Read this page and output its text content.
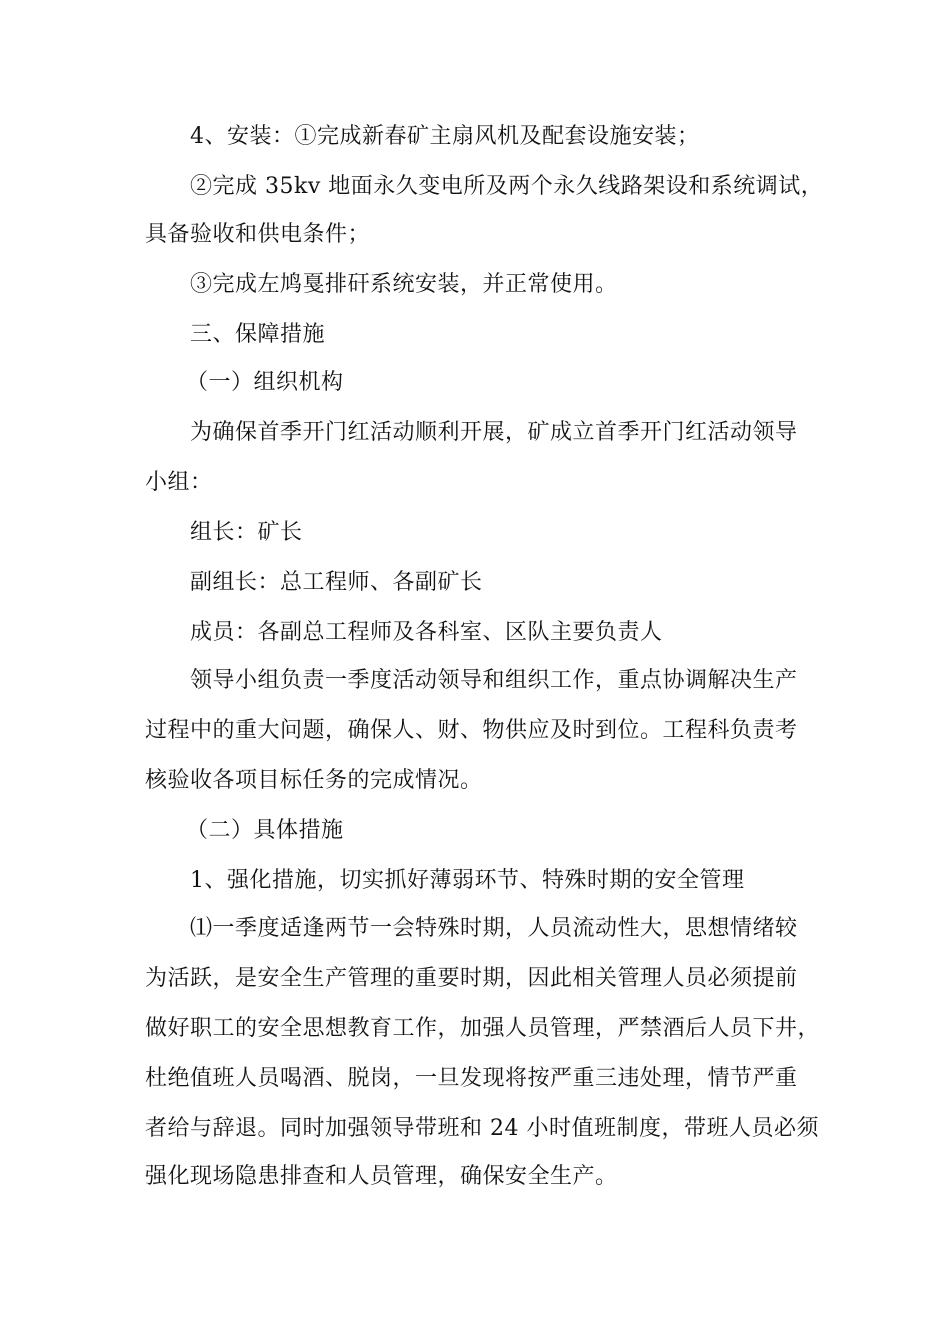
4、安装：①完成新春矿主扇风机及配套设施安装；
②完成 35kv 地面永久变电所及两个永久线路架设和系统调试，
具备验收和供电条件；
③完成左鸠戛排矸系统安装，并正常使用。
三、保障措施
（一）组织机构
为确保首季开门红活动顺利开展，矿成立首季开门红活动领导
小组：
组长：矿长
副组长：总工程师、各副矿长
成员：各副总工程师及各科室、区队主要负责人
领导小组负责一季度活动领导和组织工作，重点协调解决生产
过程中的重大问题，确保人、财、物供应及时到位。工程科负责考
核验收各项目标任务的完成情况。
（二）具体措施
1、强化措施，切实抓好薄弱环节、特殊时期的安全管理
⑴一季度适逢两节一会特殊时期，人员流动性大，思想情绪较
为活跃，是安全生产管理的重要时期，因此相关管理人员必须提前
做好职工的安全思想教育工作，加强人员管理，严禁酒后人员下井，
杜绝值班人员喝酒、脱岗，一旦发现将按严重三违处理，情节严重
者给与辞退。同时加强领导带班和 24 小时值班制度，带班人员必须
强化现场隐患排查和人员管理，确保安全生产。
